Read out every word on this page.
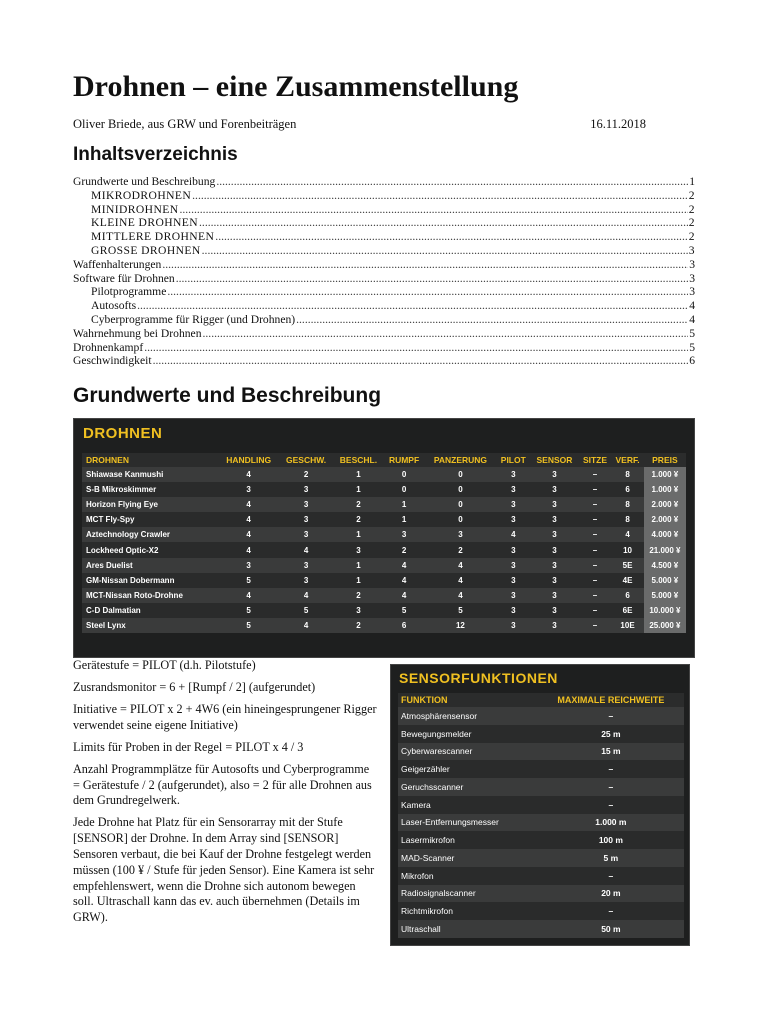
Drohnen – eine Zusammenstellung
Oliver Briede, aus GRW und Forenbeiträgen	16.11.2018
Inhaltsverzeichnis
Grundwerte und Beschreibung .....	1
MIKRODROHNEN .....	2
MINIDROHNEN .....	2
KLEINE DROHNEN .....	2
MITTLERE DROHNEN .....	2
GROSSE DROHNEN .....	3
Waffenhalterungen .....	3
Software für Drohnen .....	3
Pilotprogramme .....	3
Autosofts .....	4
Cyberprogramme für Rigger (und Drohnen) .....	4
Wahrnehmung bei Drohnen .....	5
Drohnenkampf .....	5
Geschwindigkeit .....	6
Grundwerte und Beschreibung
DROHNEN
DROHNEN	HANDLING	GESCHW.	BESCHL.	RUMPF	PANZERUNG	PILOT	SENSOR	SITZE	VERF.	PREIS
Shiawase Kanmushi	4	2	1	0	0	3	3	–	8	1.000 ¥
S-B Mikroskimmer	3	3	1	0	0	3	3	–	6	1.000 ¥
Horizon Flying Eye	4	3	2	1	0	3	3	–	8	2.000 ¥
MCT Fly-Spy	4	3	2	1	0	3	3	–	8	2.000 ¥
Aztechnology Crawler	4	3	1	3	3	4	3	–	4	4.000 ¥
Lockheed Optic-X2	4	4	3	2	2	3	3	–	10	21.000 ¥
Ares Duelist	3	3	1	4	4	3	3	–	5E	4.500 ¥
GM-Nissan Dobermann	5	3	1	4	4	3	3	–	4E	5.000 ¥
MCT-Nissan Roto-Drohne	4	4	2	4	4	3	3	–	6	5.000 ¥
C-D Dalmatian	5	5	3	5	5	3	3	–	6E	10.000 ¥
Steel Lynx	5	4	2	6	12	3	3	–	10E	25.000 ¥

Gerätestufe = PILOT (d.h. Pilotstufe)

Zusrandsmonitor = 6 + [Rumpf / 2] (aufgerundet)

Initiative = PILOT x 2 + 4W6 (ein hineingesprungener Rigger verwendet seine eigene Initiative)

Limits für Proben in der Regel = PILOT x 4 / 3

Anzahl Programmplätze für Autosofts und Cyberprogramme = Gerätestufe / 2 (aufgerundet), also = 2 für alle Drohnen aus dem Grundregelwerk.

Jede Drohne hat Platz für ein Sensorarray mit der Stufe [SENSOR] der Drohne. In dem Array sind [SENSOR] Sensoren verbaut, die bei Kauf der Drohne festgelegt werden müssen (100 ¥ / Stufe für jeden Sensor). Eine Kamera ist sehr empfehlenswert, wenn die Drohne sich autonom bewegen soll. Ultraschall kann das ev. auch übernehmen (Details im GRW).

SENSORFUNKTIONEN
FUNKTION	MAXIMALE REICHWEITE
Atmosphärensensor	–
Bewegungsmelder	25 m
Cyberwarescanner	15 m
Geigerzähler	–
Geruchsscanner	–
Kamera	–
Laser-Entfernungsmesser	1.000 m
Lasermikrofon	100 m
MAD-Scanner	5 m
Mikrofon	–
Radiosignalscanner	20 m
Richtmikrofon	–
Ultraschall	50 m
